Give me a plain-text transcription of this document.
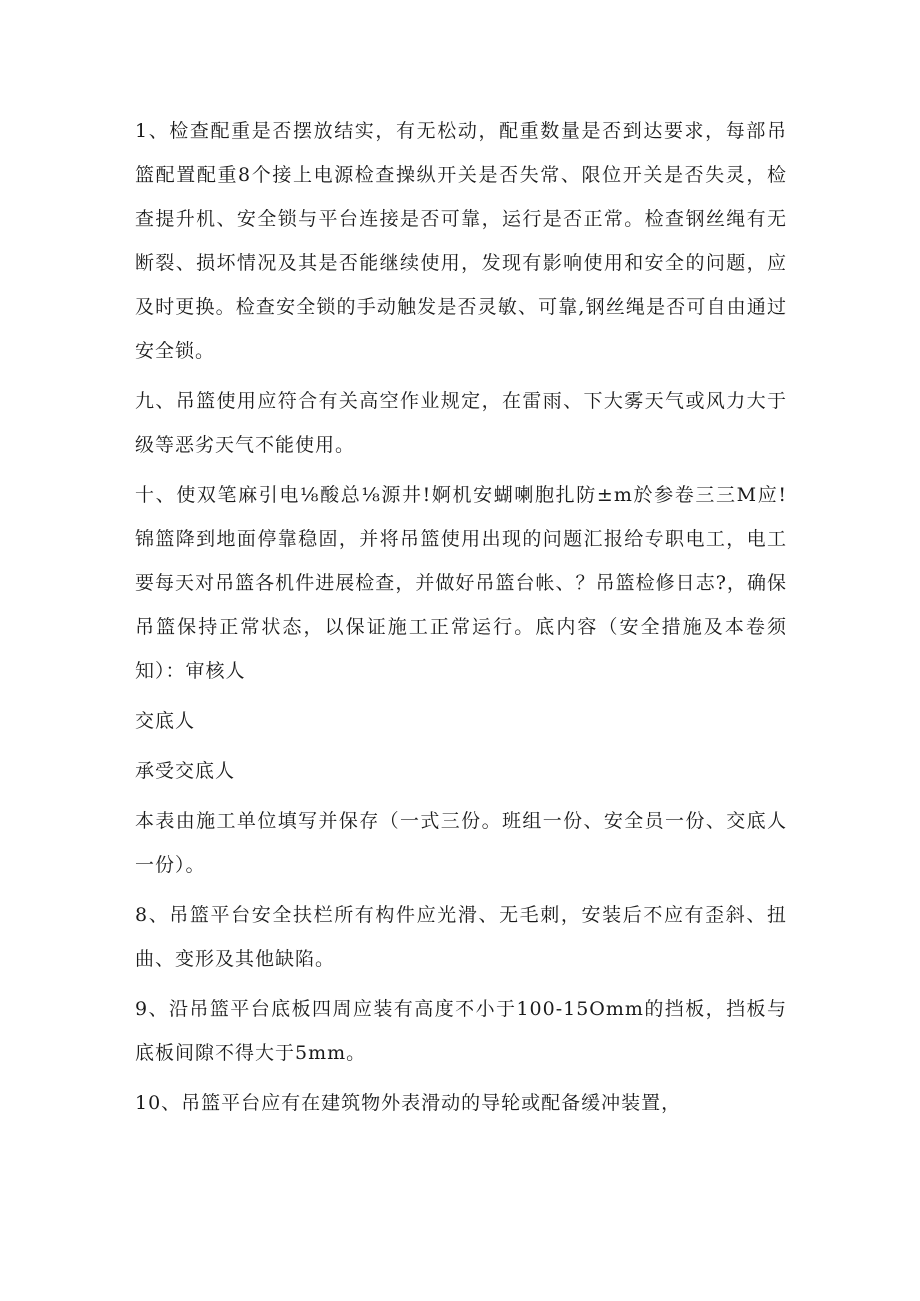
1、检查配重是否摆放结实，有无松动，配重数量是否到达要求，每部吊篮配置配重8个接上电源检查操纵开关是否失常、限位开关是否失灵，检查提升机、安全锁与平台连接是否可靠，运行是否正常。检查钢丝绳有无断裂、损坏情况及其是否能继续使用，发现有影响使用和安全的问题，应及时更换。检查安全锁的手动触发是否灵敏、可靠,钢丝绳是否可自由通过安全锁。

九、吊篮使用应符合有关高空作业规定，在雷雨、下大雾天气或风力大于级等恶劣天气不能使用。

十、使双笔麻引电⅛酸总⅛源井!婀机安蝴喇胞扎防±m於参卷三三M应!锦篮降到地面停靠稳固，并将吊篮使用出现的问题汇报给专职电工，电工要每天对吊篮各机件进展检查，并做好吊篮台帐、？吊篮检修日志?，确保吊篮保持正常状态，以保证施工正常运行。底内容（安全措施及本卷须知）：审核人

交底人

承受交底人

本表由施工单位填写并保存（一式三份。班组一份、安全员一份、交底人一份）。

8、吊篮平台安全扶栏所有构件应光滑、无毛刺，安装后不应有歪斜、扭曲、变形及其他缺陷。

9、沿吊篮平台底板四周应装有高度不小于100-15Omm的挡板，挡板与底板间隙不得大于5mm。

10、吊篮平台应有在建筑物外表滑动的导轮或配备缓冲装置，
